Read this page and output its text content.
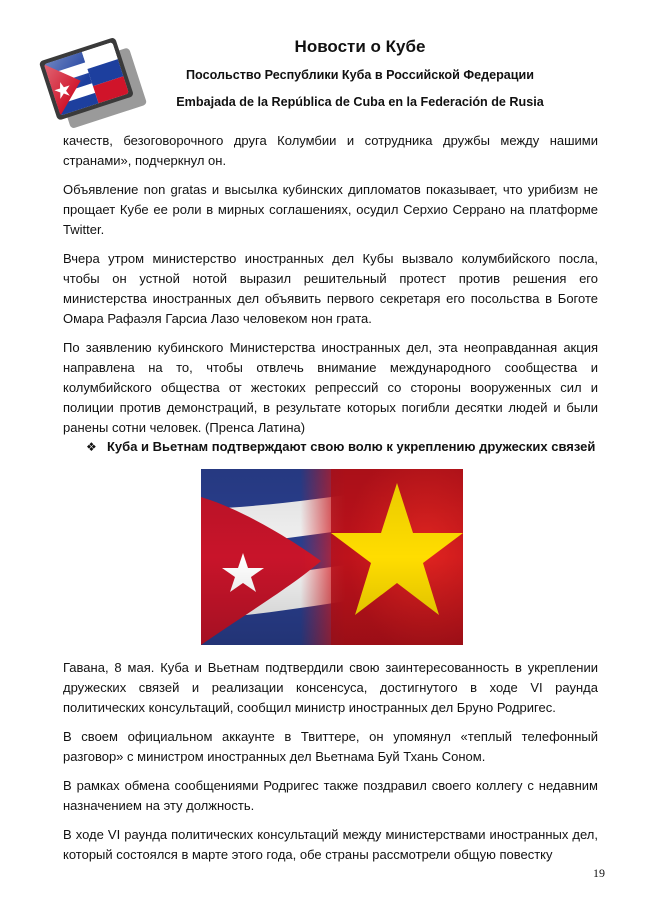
Новости о Кубе
Посольство Республики Куба в Российской Федерации
Embajada de la República de Cuba en la Federación de Rusia

качеств, безоговорочного друга Колумбии и сотрудника дружбы между нашими странами», подчеркнул он.

Объявление non gratas и высылка кубинских дипломатов показывает, что урибизм не прощает Кубе ее роли в мирных соглашениях, осудил Серхио Серрано на платформе Twitter.

Вчера утром министерство иностранных дел Кубы вызвало колумбийского посла, чтобы он устной нотой выразил решительный протест против решения его министерства иностранных дел объявить первого секретаря его посольства в Боготе Омара Рафаэля Гарсиа Лазо человеком нон грата.

По заявлению кубинского Министерства иностранных дел, эта неоправданная акция направлена на то, чтобы отвлечь внимание международного сообщества и колумбийского общества от жестоких репрессий со стороны вооруженных сил и полиции против демонстраций, в результате которых погибли десятки людей и были ранены сотни человек. (Пренса Латина)

❖ Куба и Вьетнам подтверждают свою волю к укреплению дружеских связей

Гавана, 8 мая. Куба и Вьетнам подтвердили свою заинтересованность в укреплении дружеских связей и реализации консенсуса, достигнутого в ходе VI раунда политических консультаций, сообщил министр иностранных дел Бруно Родригес.

В своем официальном аккаунте в Твиттере, он упомянул «теплый телефонный разговор» с министром иностранных дел Вьетнама Буй Тхань Соном.

В рамках обмена сообщениями Родригес также поздравил своего коллегу с недавним назначением на эту должность.

В ходе VI раунда политических консультаций между министерствами иностранных дел, который состоялся в марте этого года, обе страны рассмотрели общую повестку

19
